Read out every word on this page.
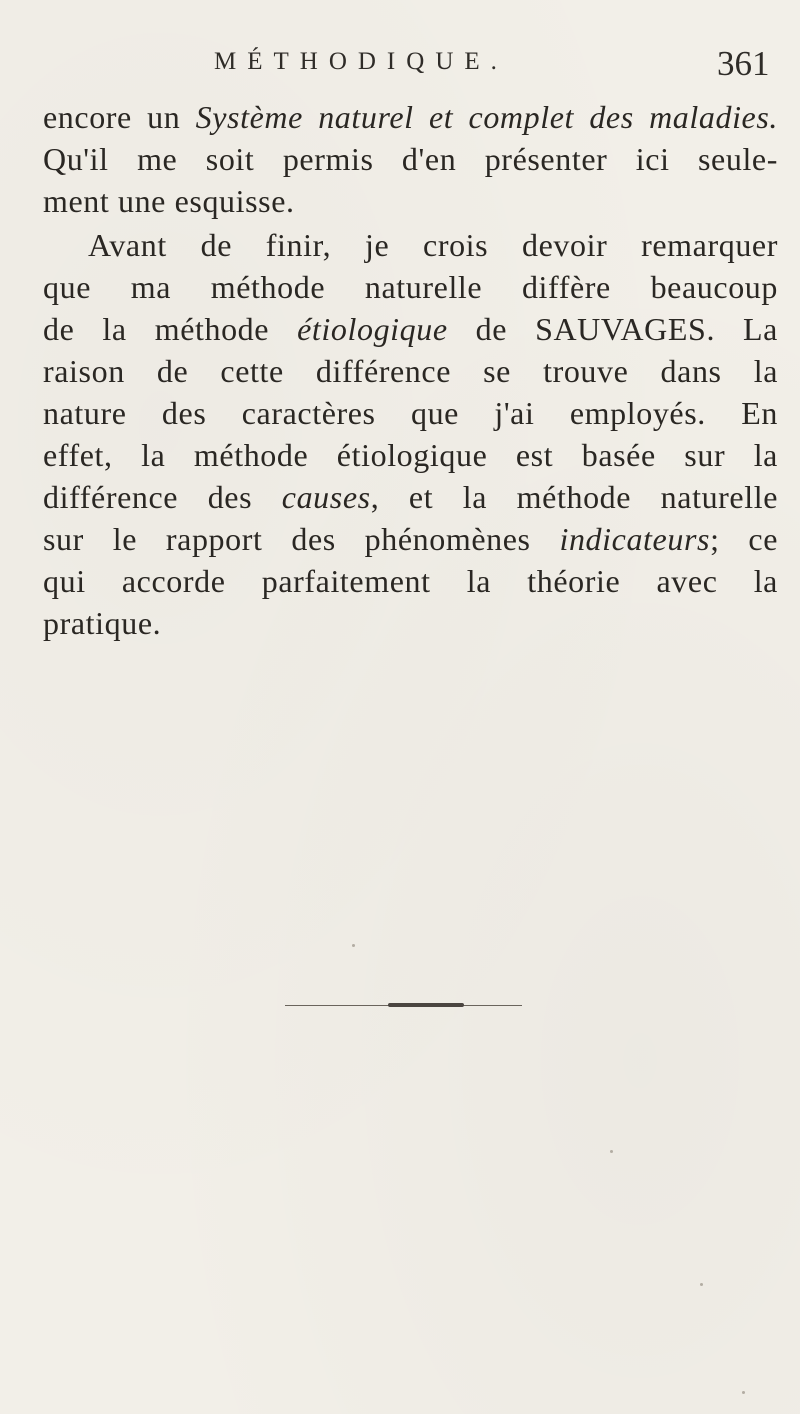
MÉTHODIQUE.	361
encore un Système naturel et complet des maladies.
Qu'il me soit permis d'en présenter ici seule-
ment une esquisse.
Avant de finir, je crois devoir remarquer
que ma méthode naturelle diffère beaucoup
de la méthode étiologique de SAUVAGES. La
raison de cette différence se trouve dans la
nature des caractères que j'ai employés. En
effet, la méthode étiologique est basée sur la
différence des causes, et la méthode naturelle
sur le rapport des phénomènes indicateurs; ce
qui accorde parfaitement la théorie avec la
pratique.
